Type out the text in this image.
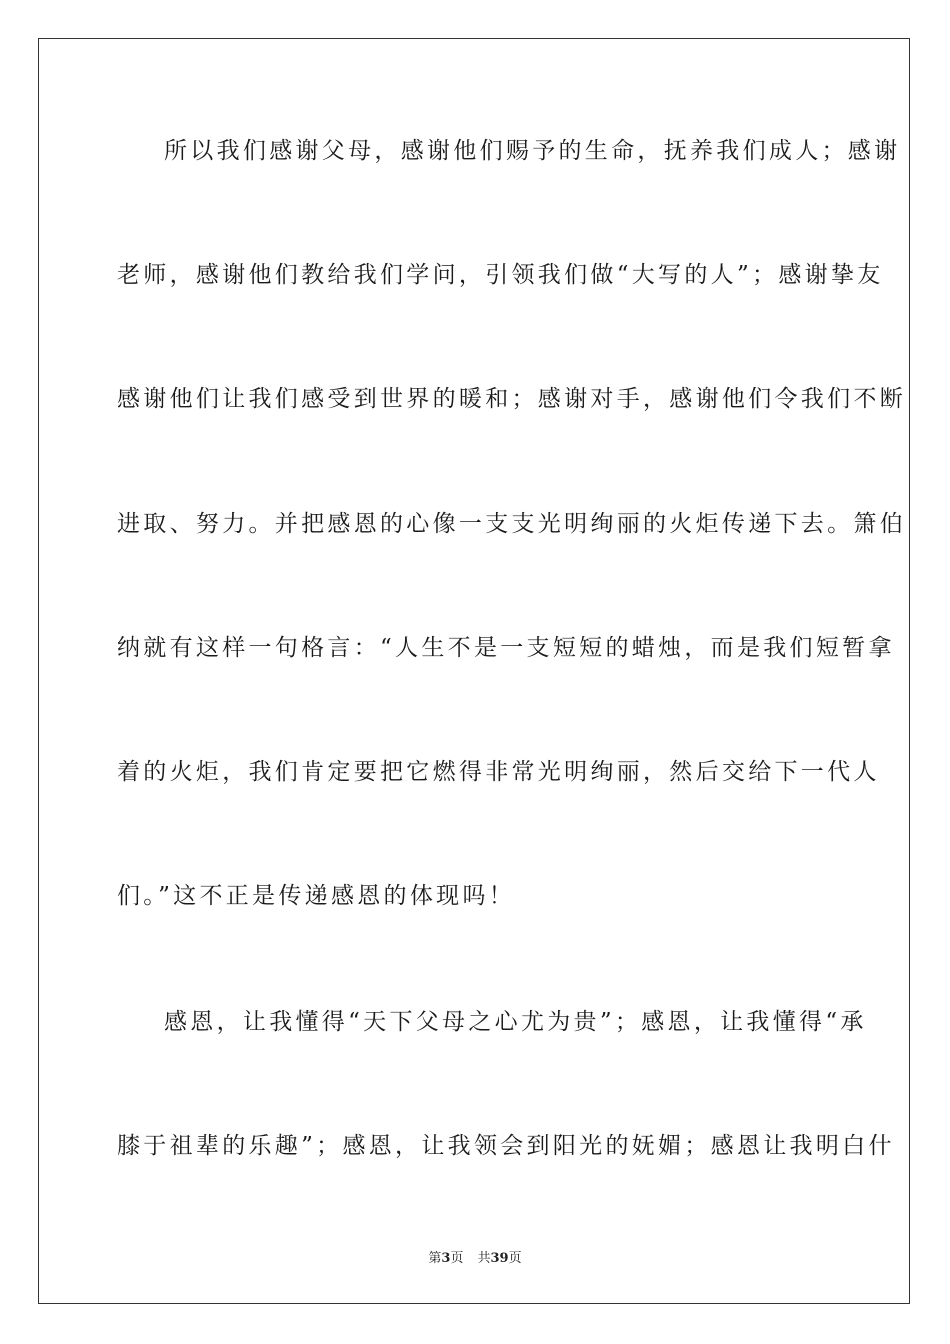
所以我们感谢父母，感谢他们赐予的生命，抚养我们成人；感谢
老师，感谢他们教给我们学问，引领我们做“大写的人”；感谢挚友
感谢他们让我们感受到世界的暖和；感谢对手，感谢他们令我们不断
进取、努力。并把感恩的心像一支支光明绚丽的火炬传递下去。箫伯
纳就有这样一句格言：“人生不是一支短短的蜡烛，而是我们短暂拿
着的火炬，我们肯定要把它燃得非常光明绚丽，然后交给下一代人
们。”这不正是传递感恩的体现吗！
感恩，让我懂得“天下父母之心尤为贵”；感恩，让我懂得“承
膝于祖辈的乐趣”；感恩，让我领会到阳光的妩媚；感恩让我明白什
第3页 共39页
